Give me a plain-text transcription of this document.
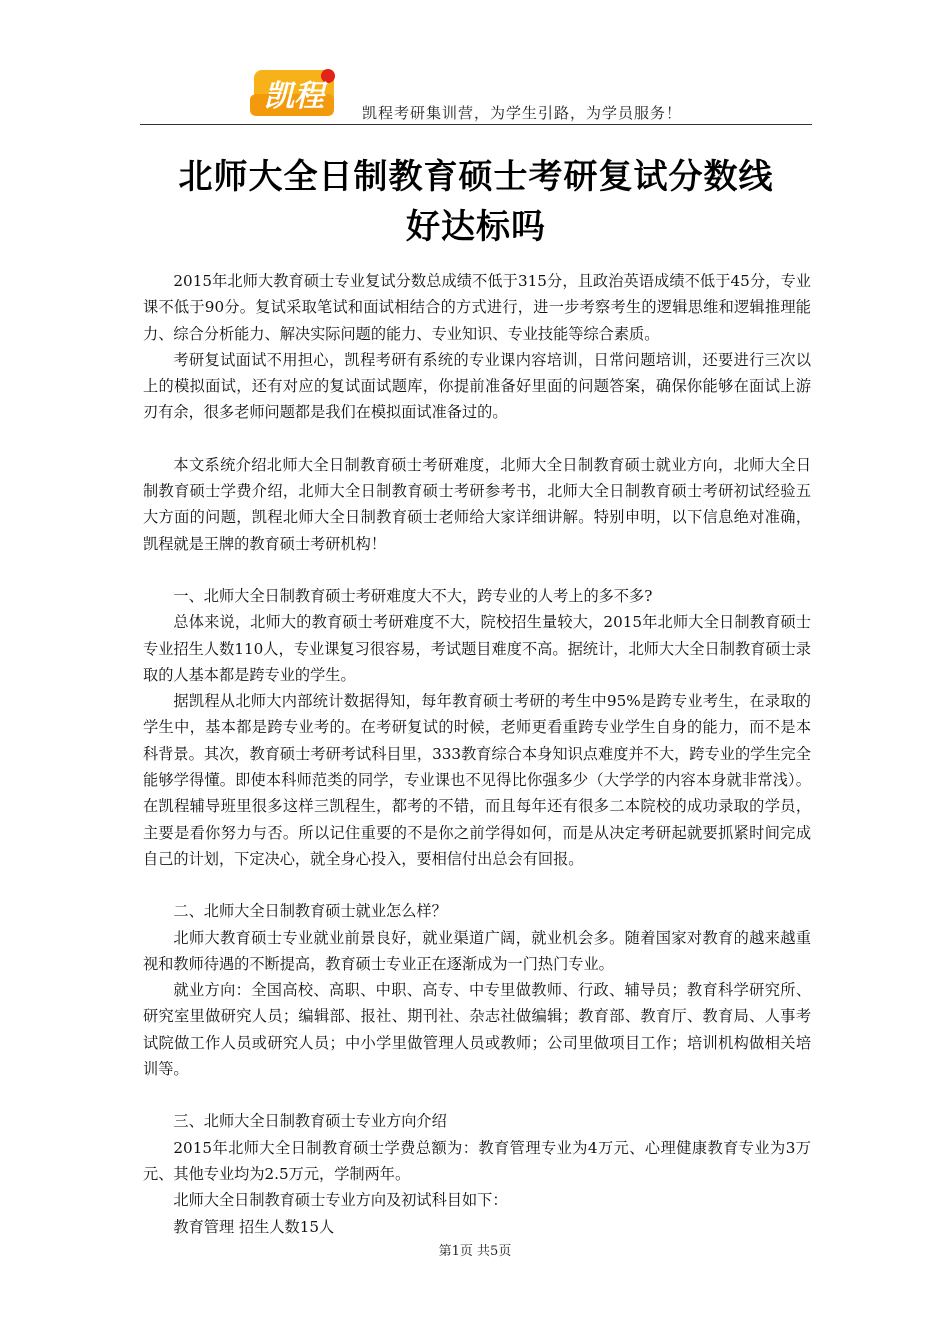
凯程	凯程考研集训营，为学生引路，为学员服务！
北师大全日制教育硕士考研复试分数线
好达标吗

2015年北师大教育硕士专业复试分数总成绩不低于315分，且政治英语成绩不低于45分，专业课不低于90分。复试采取笔试和面试相结合的方式进行，进一步考察考生的逻辑思维和逻辑推理能力、综合分析能力、解决实际问题的能力、专业知识、专业技能等综合素质。

考研复试面试不用担心，凯程考研有系统的专业课内容培训，日常问题培训，还要进行三次以上的模拟面试，还有对应的复试面试题库，你提前准备好里面的问题答案，确保你能够在面试上游刃有余，很多老师问题都是我们在模拟面试准备过的。

本文系统介绍北师大全日制教育硕士考研难度，北师大全日制教育硕士就业方向，北师大全日制教育硕士学费介绍，北师大全日制教育硕士考研参考书，北师大全日制教育硕士考研初试经验五大方面的问题，凯程北师大全日制教育硕士老师给大家详细讲解。特别申明，以下信息绝对准确，凯程就是王牌的教育硕士考研机构！

一、北师大全日制教育硕士考研难度大不大，跨专业的人考上的多不多?

总体来说，北师大的教育硕士考研难度不大，院校招生量较大，2015年北师大全日制教育硕士专业招生人数110人，专业课复习很容易，考试题目难度不高。据统计，北师大大全日制教育硕士录取的人基本都是跨专业的学生。

据凯程从北师大内部统计数据得知，每年教育硕士考研的考生中95%是跨专业考生，在录取的学生中，基本都是跨专业考的。在考研复试的时候，老师更看重跨专业学生自身的能力，而不是本科背景。其次，教育硕士考研考试科目里，333教育综合本身知识点难度并不大，跨专业的学生完全能够学得懂。即使本科师范类的同学，专业课也不见得比你强多少（大学学的内容本身就非常浅）。在凯程辅导班里很多这样三凯程生，都考的不错，而且每年还有很多二本院校的成功录取的学员，主要是看你努力与否。所以记住重要的不是你之前学得如何，而是从决定考研起就要抓紧时间完成自己的计划，下定决心，就全身心投入，要相信付出总会有回报。

二、北师大全日制教育硕士就业怎么样？

北师大教育硕士专业就业前景良好，就业渠道广阔，就业机会多。随着国家对教育的越来越重视和教师待遇的不断提高，教育硕士专业正在逐渐成为一门热门专业。

就业方向：全国高校、高职、中职、高专、中专里做教师、行政、辅导员；教育科学研究所、研究室里做研究人员；编辑部、报社、期刊社、杂志社做编辑；教育部、教育厅、教育局、人事考试院做工作人员或研究人员；中小学里做管理人员或教师；公司里做项目工作；培训机构做相关培训等。

三、北师大全日制教育硕士专业方向介绍

2015年北师大全日制教育硕士学费总额为：教育管理专业为4万元、心理健康教育专业为3万元、其他专业均为2.5万元，学制两年。

北师大全日制教育硕士专业方向及初试科目如下：

教育管理 招生人数15人

第1页 共5页
